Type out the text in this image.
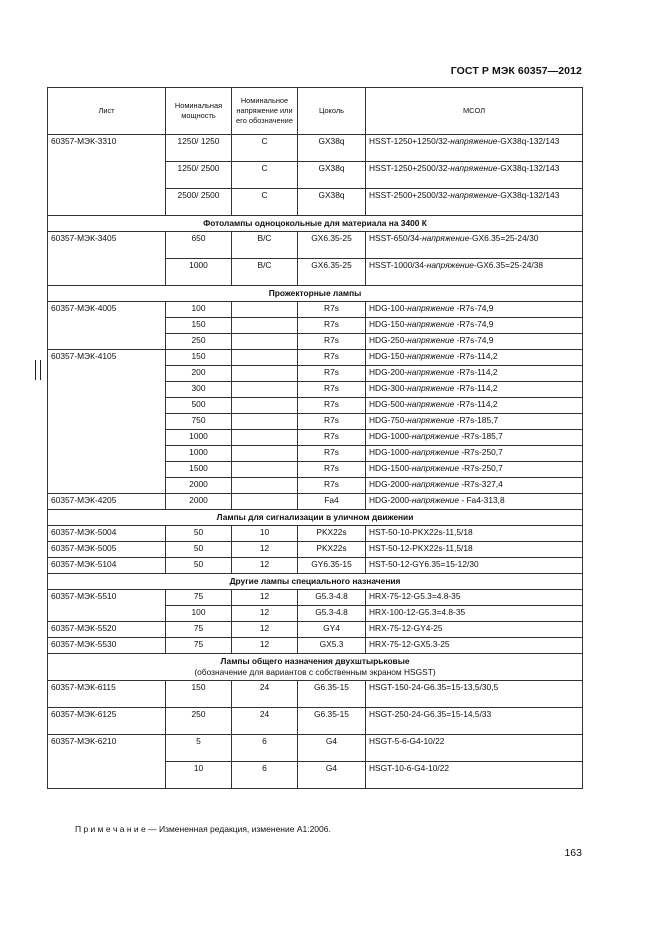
ГОСТ Р МЭК 60357—2012
Лист	Номинальная мощность	Номинальное напряжение или его обозначение	Цоколь	MCOЛ
60357-МЭК-3310	1250/ 1250	C	GX38q	HSST-1250+1250/32-напряжение-GX38q-132/143
	1250/ 2500	C	GX38q	HSST-1250+2500/32-напряжение-GX38q-132/143
	2500/ 2500	C	GX38q	HSST-2500+2500/32-напряжение-GX38q-132/143

Фотолампы одноцокольные для материала на 3400 К				

60357-МЭК-3405	650	B/C	GX6.35-25	HSST-650/34-напряжение-GX6.35=25-24/30
	1000	B/C	GX6.35-25	HSST-1000/34-напряжение-GX6.35=25-24/38

Прожекторные лампы				

60357-МЭК-4005	100		R7s	HDG-100-напряжение -R7s-74,9
	150		R7s	HDG-150-напряжение -R7s-74,9
	250		R7s	HDG-250-напряжение -R7s-74,9
60357-МЭК-4105	150		R7s	HDG-150-напряжение -R7s-114,2
	200		R7s	HDG-200-напряжение -R7s-114,2
	300		R7s	HDG-300-напряжение -R7s-114,2
	500		R7s	HDG-500-напряжение -R7s-114,2
	750		R7s	HDG-750-напряжение -R7s-185,7
	1000		R7s	HDG-1000-напряжение -R7s-185,7
	1000		R7s	HDG-1000-напряжение -R7s-250,7
	1500		R7s	HDG-1500-напряжение -R7s-250,7
	2000		R7s	HDG-2000-напряжение -R7s-327,4
60357-МЭК-4205	2000		Fa4	HDG-2000-напряжение - Fa4-313,8

Лампы для сигнализации в уличном движении				

60357-МЭК-5004	50	10	PKX22s	HST-50-10-PKX22s-11,5/18
60357-МЭК-5005	50	12	PKX22s	HST-50-12-PKX22s-11,5/18
60357-МЭК-5104	50	12	GY6.35-15	HST-50-12-GY6.35=15-12/30

Другие лампы специального назначения				

60357-МЭК-5510	75	12	G5.3-4.8	HRX-75-12-G5.3=4.8-35
	100	12	G5.3-4.8	HRX-100-12-G5.3=4.8-35
60357-МЭК-5520	75	12	GY4	HRX-75-12-GY4-25
60357-МЭК-5530	75	12	GX5.3	HRX-75-12-GX5.3-25

Лампы общего назначения двухштырьковые
(обозначение для вариантов с собственным экраном HSGST)				

60357-МЭК-6115	150	24	G6.35-15	HSGT-150-24-G6.35=15-13,5/30,5
60357-МЭК-6125	250	24	G6.35-15	HSGT-250-24-G6.35=15-14,5/33
60357-МЭК-6210	5	6	G4	HSGT-5-6-G4-10/22
	10	6	G4	HSGT-10-6-G4-10/22
П р и м е ч а н и е — Измененная редакция, изменение A1:2006.
163
